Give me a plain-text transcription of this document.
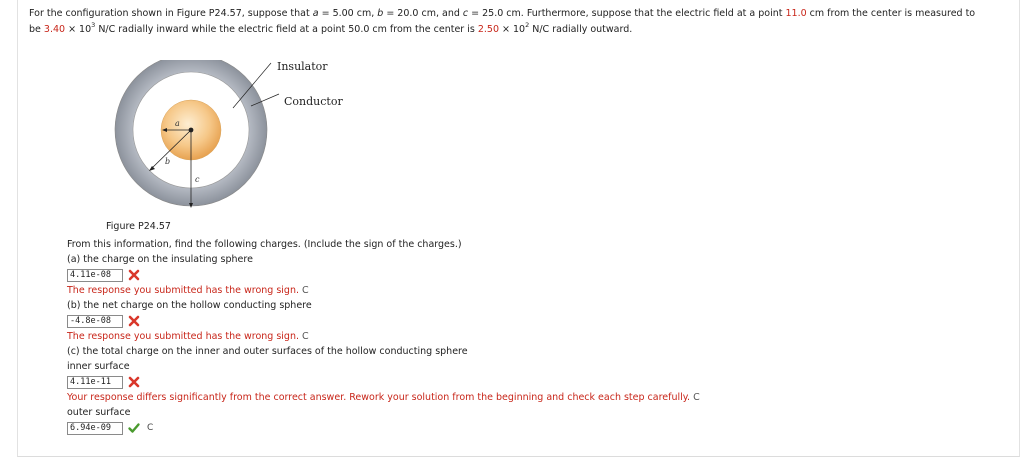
For the configuration shown in Figure P24.57, suppose that a = 5.00 cm, b = 20.0 cm, and c = 25.0 cm. Furthermore, suppose that the electric field at a point 11.0 cm from the center is measured to
be $3.40 \times 10^3$ N/C radially inward while the electric field at a point 50.0 cm from the center is $2.50 \times 10^2$ N/C radially outward.
a
b
c
Insulator
Conductor
Figure P24.57
From this information, find the following charges. (Include the sign of the charges.)
(a) the charge on the insulating sphere
4.11e-08
The response you submitted has the wrong sign. C
(b) the net charge on the hollow conducting sphere
-4.8e-08
The response you submitted has the wrong sign. C
(c) the total charge on the inner and outer surfaces of the hollow conducting sphere
inner surface
4.11e-11
Your response differs significantly from the correct answer. Rework your solution from the beginning and check each step carefully. C
outer surface
6.94e-09	C
